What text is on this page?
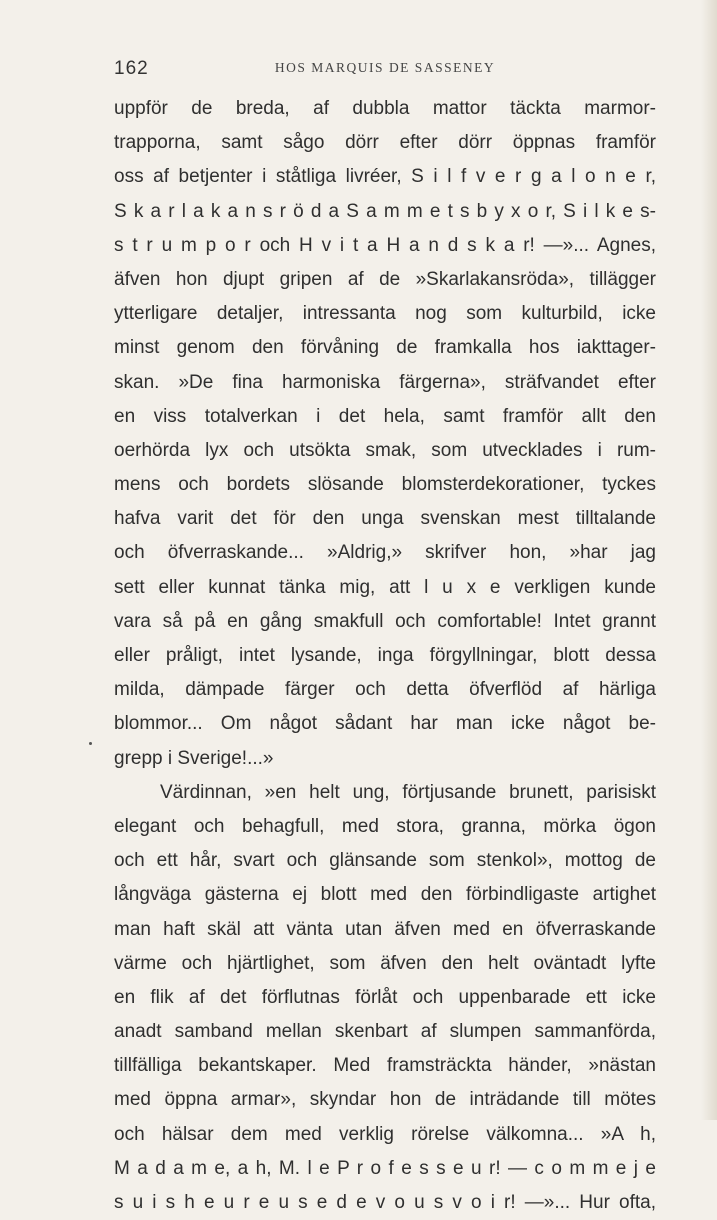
162	HOS MARQUIS DE SASSENEY
uppför de breda, af dubbla mattor täckta marmor-
trapporna, samt sågo dörr efter dörr öppnas framför
oss af betjenter i ståtliga livréer, S i l f v e r g a l o n e r,
S k a r l a k a n s r ö d a S a m m e t s b y x o r, S i l k e s-
s t r u m p o r och H v i t a H a n d s k a r! —»... Agnes,
äfven hon djupt gripen af de »Skarlakansröda», tillägger
ytterligare detaljer, intressanta nog som kulturbild, icke
minst genom den förvåning de framkalla hos iakttager-
skan. »De fina harmoniska färgerna», sträfvandet efter
en viss totalverkan i det hela, samt framför allt den
oerhörda lyx och utsökta smak, som utvecklades i rum-
mens och bordets slösande blomsterdekorationer, tyckes
hafva varit det för den unga svenskan mest tilltalande
och öfverraskande... »Aldrig,» skrifver hon, »har jag
sett eller kunnat tänka mig, att l u x e verkligen kunde
vara så på en gång smakfull och comfortable! Intet grannt
eller pråligt, intet lysande, inga förgyllningar, blott dessa
milda, dämpade färger och detta öfverflöd af härliga
blommor... Om något sådant har man icke något be-
grepp i Sverige!...»
Värdinnan, »en helt ung, förtjusande brunett, parisiskt
elegant och behagfull, med stora, granna, mörka ögon
och ett hår, svart och glänsande som stenkol», mottog de
långväga gästerna ej blott med den förbindligaste artighet
man haft skäl att vänta utan äfven med en öfverraskande
värme och hjärtlighet, som äfven den helt oväntadt lyfte
en flik af det förflutnas förlåt och uppenbarade ett icke
anadt samband mellan skenbart af slumpen sammanförda,
tillfälliga bekantskaper. Med framsträckta händer, »nästan
med öppna armar», skyndar hon de inträdande till mötes
och hälsar dem med verklig rörelse välkomna... »A h,
M a d a m e, a h, M. l e P r o f e s s e u r! — c o m m e j e
s u i s h e u r e u s e d e v o u s v o i r! —»... Hur ofta,
